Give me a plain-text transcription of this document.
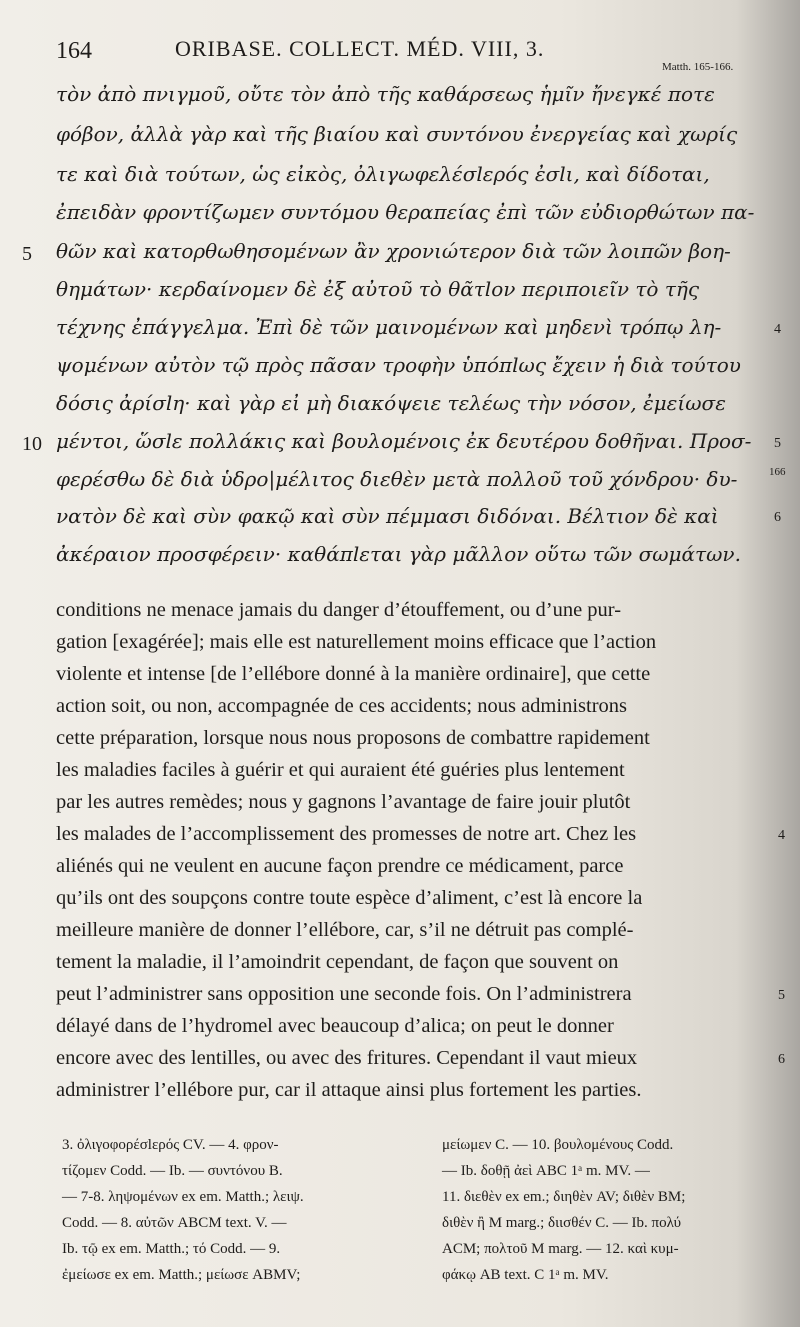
164	ORIBASE. COLLECT. MÉD. VIII, 3.
Matth. 165-166.
τὸν ἀπὸ πνιγμοῦ, οὔτε τὸν ἀπὸ τῆς καθάρσεως ἡμῖν ἤνεγκέ ποτε
φόβον, ἀλλὰ γὰρ καὶ τῆς βιαίου καὶ συντόνου ἐνεργείας καὶ χωρίς
τε καὶ διὰ τούτων, ὡς εἰκὸς, ὀλιγωφελέσlερός ἐσlι, καὶ δίδοται,
ἐπειδὰν φροντίζωμεν συντόμου θεραπείας ἐπὶ τῶν εὐδιορθώτων πα-
θῶν καὶ κατορθωθησομένων ἂν χρονιώτερον διὰ τῶν λοιπῶν βοη-
θημάτων· κερδαίνομεν δὲ ἐξ αὐτοῦ τὸ θᾶτlον περιποιεῖν τὸ τῆς
τέχνης ἐπάγγελμα. Ἐπὶ δὲ τῶν μαινομένων καὶ μηδενὶ τρόπῳ λη-
ψομένων αὐτὸν τῷ πρὸς πᾶσαν τροφὴν ὑπόπlως ἔχειν ἡ διὰ τούτου
δόσις ἀρίσlη· καὶ γὰρ εἰ μὴ διακόψειε τελέως τὴν νόσον, ἐμείωσε
μέντοι, ὥσlε πολλάκις καὶ βουλομένοις ἐκ δευτέρου δοθῆναι. Προσ-
φερέσθω δὲ διὰ ὑδρο|μέλιτος διεθὲν μετὰ πολλοῦ τοῦ χόνδρου· δυ-
νατὸν δὲ καὶ σὺν φακῷ καὶ σὺν πέμμασι διδόναι. Βέλτιον δὲ καὶ
ἀκέραιον προσφέρειν· καθάπlεται γὰρ μᾶλλον οὕτω τῶν σωμάτων.
5
10
4
5
166
6
conditions ne menace jamais du danger d’étouffement, ou d’une pur-
gation [exagérée]; mais elle est naturellement moins efficace que l’action
violente et intense [de l’ellébore donné à la manière ordinaire], que cette
action soit, ou non, accompagnée de ces accidents; nous administrons
cette préparation, lorsque nous nous proposons de combattre rapidement
les maladies faciles à guérir et qui auraient été guéries plus lentement
par les autres remèdes; nous y gagnons l’avantage de faire jouir plutôt
les malades de l’accomplissement des promesses de notre art. Chez les
aliénés qui ne veulent en aucune façon prendre ce médicament, parce
qu’ils ont des soupçons contre toute espèce d’aliment, c’est là encore la
meilleure manière de donner l’ellébore, car, s’il ne détruit pas complé-
tement la maladie, il l’amoindrit cependant, de façon que souvent on
peut l’administrer sans opposition une seconde fois. On l’administrera
délayé dans de l’hydromel avec beaucoup d’alica; on peut le donner
encore avec des lentilles, ou avec des fritures. Cependant il vaut mieux
administrer l’ellébore pur, car il attaque ainsi plus fortement les parties.
4
5
6
3. ὀλιγοφορέσlερός CV. — 4. φρον-
τίζομεν Codd. — Ib. — συντόνου B.
— 7-8. ληψομένων ex em. Matth.; λειψ.
Codd. — 8. αὐτῶν ABCM text. V. —
Ib. τῷ ex em. Matth.; τό Codd. — 9.
ἐμείωσε ex em. Matth.; μείωσε ABMV;
μείωμεν C. — 10. βουλομένους Codd.
— Ib. δοθῇ ἀεὶ ABC 1ᵃ m. MV. —
11. διεθὲν ex em.; διηθὲν AV; διθὲν BM;
διθὲν ἢ M marg.; διισθέν C. — Ib. πολύ
ACM; πολτοῦ M marg. — 12. καὶ κυμ-
φάκῳ AB text. C 1ᵃ m. MV.
